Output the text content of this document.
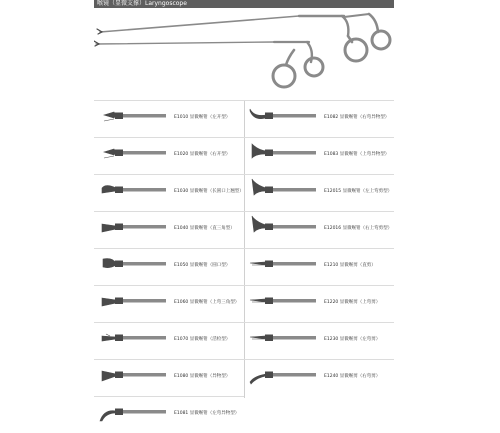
喉镜（显微支撑）Laryngoscope
E1010 显微喉钳（左开型）
E1020 显微喉钳（右开型）
E1030 显微喉钳（长圆口上翘型）
E1040 显微喉钳（直三角型）
E1050 显微喉钳（圆口型）
E1060 显微喉钳（上弯三角型）
E1070 显微喉钳（活检型）
E1080 显微喉钳（异物型）
E1081 显微喉钳（左弯异物型）
E1082 显微喉钳（右弯异物型）
E1083 显微喉钳（上弯异物型）
E12015 显微喉钳（左上弯剪型）
E12016 显微喉钳（右上弯剪型）
E1210 显微喉剪（直剪）
E1220 显微喉剪（上弯剪）
E1230 显微喉剪（左弯剪）
E1240 显微喉剪（右弯剪）
